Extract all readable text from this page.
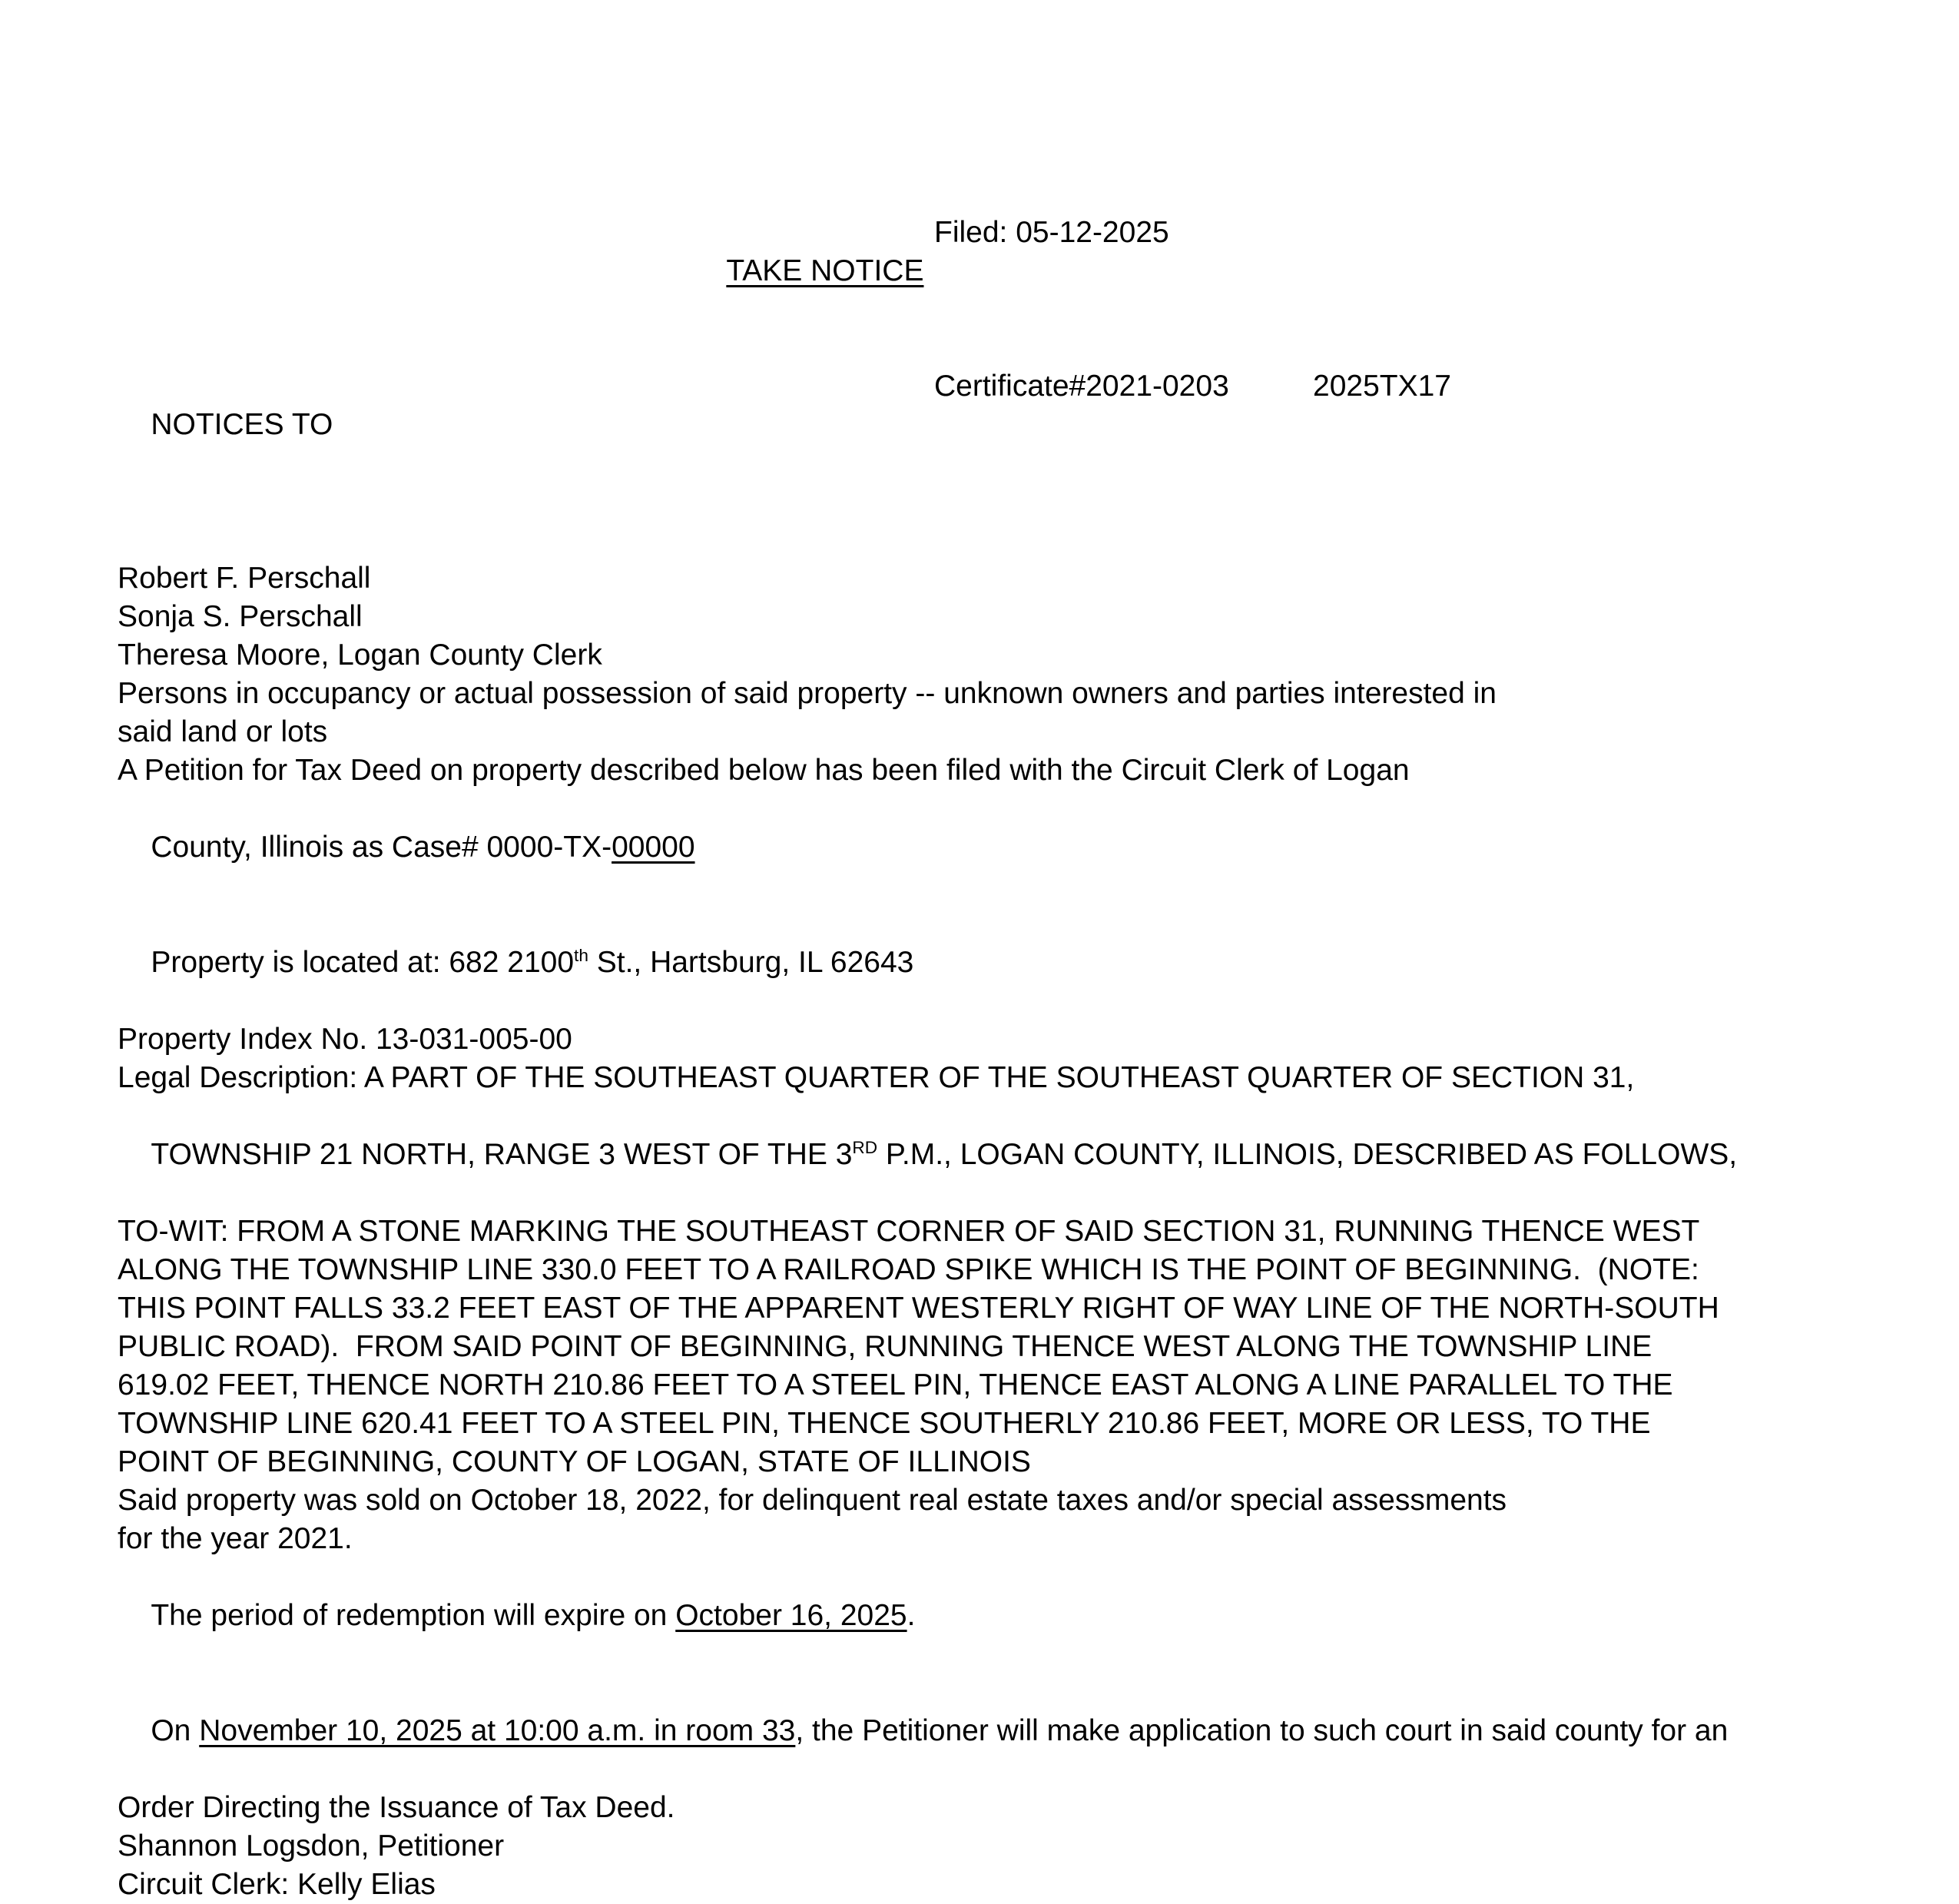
TAKE NOTICE

Filed: 05-12-2025

NOTICES TO

Certificate#2021-0203

	2025TX17

Robert F. Perschall
Sonja S. Perschall
Theresa Moore, Logan County Clerk
Persons in occupancy or actual possession of said property -- unknown owners and parties interested in
said land or lots
A Petition for Tax Deed on property described below has been filed with the Circuit Clerk of Logan

County, Illinois as Case# 0000-TX-00000

Property is located at: 682 2100th St., Hartsburg, IL 62643

Property Index No. 13-031-005-00
Legal Description: A PART OF THE SOUTHEAST QUARTER OF THE SOUTHEAST QUARTER OF SECTION 31,

TOWNSHIP 21 NORTH, RANGE 3 WEST OF THE 3RD P.M., LOGAN COUNTY, ILLINOIS, DESCRIBED AS FOLLOWS,

TO-WIT: FROM A STONE MARKING THE SOUTHEAST CORNER OF SAID SECTION 31, RUNNING THENCE WEST
ALONG THE TOWNSHIP LINE 330.0 FEET TO A RAILROAD SPIKE WHICH IS THE POINT OF BEGINNING.  (NOTE:
THIS POINT FALLS 33.2 FEET EAST OF THE APPARENT WESTERLY RIGHT OF WAY LINE OF THE NORTH-SOUTH
PUBLIC ROAD).  FROM SAID POINT OF BEGINNING, RUNNING THENCE WEST ALONG THE TOWNSHIP LINE
619.02 FEET, THENCE NORTH 210.86 FEET TO A STEEL PIN, THENCE EAST ALONG A LINE PARALLEL TO THE
TOWNSHIP LINE 620.41 FEET TO A STEEL PIN, THENCE SOUTHERLY 210.86 FEET, MORE OR LESS, TO THE
POINT OF BEGINNING, COUNTY OF LOGAN, STATE OF ILLINOIS
Said property was sold on October 18, 2022, for delinquent real estate taxes and/or special assessments
for the year 2021.

The period of redemption will expire on October 16, 2025.

On November 10, 2025 at 10:00 a.m. in room 33, the Petitioner will make application to such court in said county for an

Order Directing the Issuance of Tax Deed.
Shannon Logsdon, Petitioner
Circuit Clerk: Kelly Elias
